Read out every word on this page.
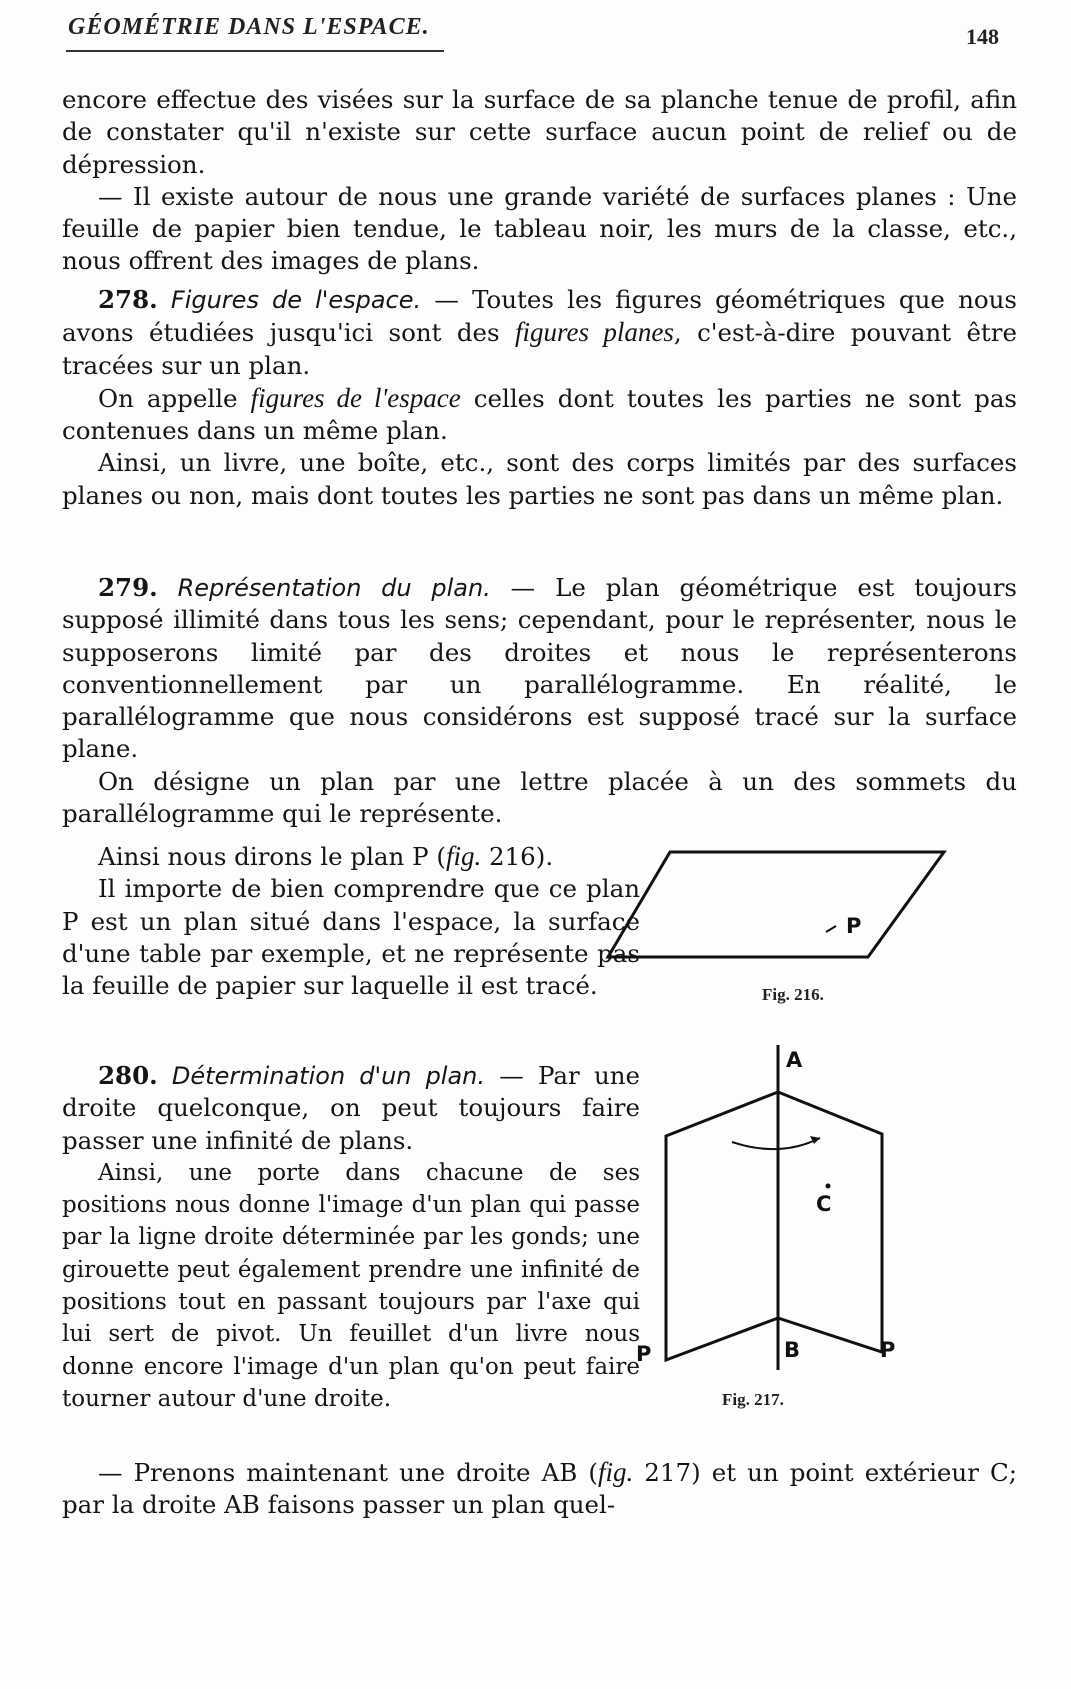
GÉOMÉTRIE DANS L'ESPACE.	148

encore effectue des visées sur la surface de sa planche tenue de profil, afin de constater qu'il n'existe sur cette surface aucun point de relief ou de dépression.

— Il existe autour de nous une grande variété de surfaces planes : Une feuille de papier bien tendue, le tableau noir, les murs de la classe, etc., nous offrent des images de plans.

278. Figures de l'espace. — Toutes les figures géométriques que nous avons étudiées jusqu'ici sont des figures planes, c'est-à-dire pouvant être tracées sur un plan.

On appelle figures de l'espace celles dont toutes les parties ne sont pas contenues dans un même plan.

Ainsi, un livre, une boîte, etc., sont des corps limités par des surfaces planes ou non, mais dont toutes les parties ne sont pas dans un même plan.

279. Représentation du plan. — Le plan géométrique est toujours supposé illimité dans tous les sens; cependant, pour le représenter, nous le supposerons limité par des droites et nous le représenterons conventionnellement par un parallélogramme. En réalité, le parallélogramme que nous considérons est supposé tracé sur la surface plane.

On désigne un plan par une lettre placée à un des sommets du parallélogramme qui le représente.

Ainsi nous dirons le plan P (fig. 216).

Il importe de bien comprendre que ce plan P est un plan situé dans l'espace, la surface d'une table par exemple, et ne représente pas la feuille de papier sur laquelle il est tracé.

280. Détermination d'un plan. — Par une droite quelconque, on peut toujours faire passer une infinité de plans.

Ainsi, une porte dans chacune de ses positions nous donne l'image d'un plan qui passe par la ligne droite déterminée par les gonds; une girouette peut également prendre une infinité de positions tout en passant toujours par l'axe qui lui sert de pivot. Un feuillet d'un livre nous donne encore l'image d'un plan qu'on peut faire tourner autour d'une droite.

— Prenons maintenant une droite AB (fig. 217) et un point extérieur C; par la droite AB faisons passer un plan quel-

P
Fig. 216.
A
C
B
P	P
Fig. 217.
